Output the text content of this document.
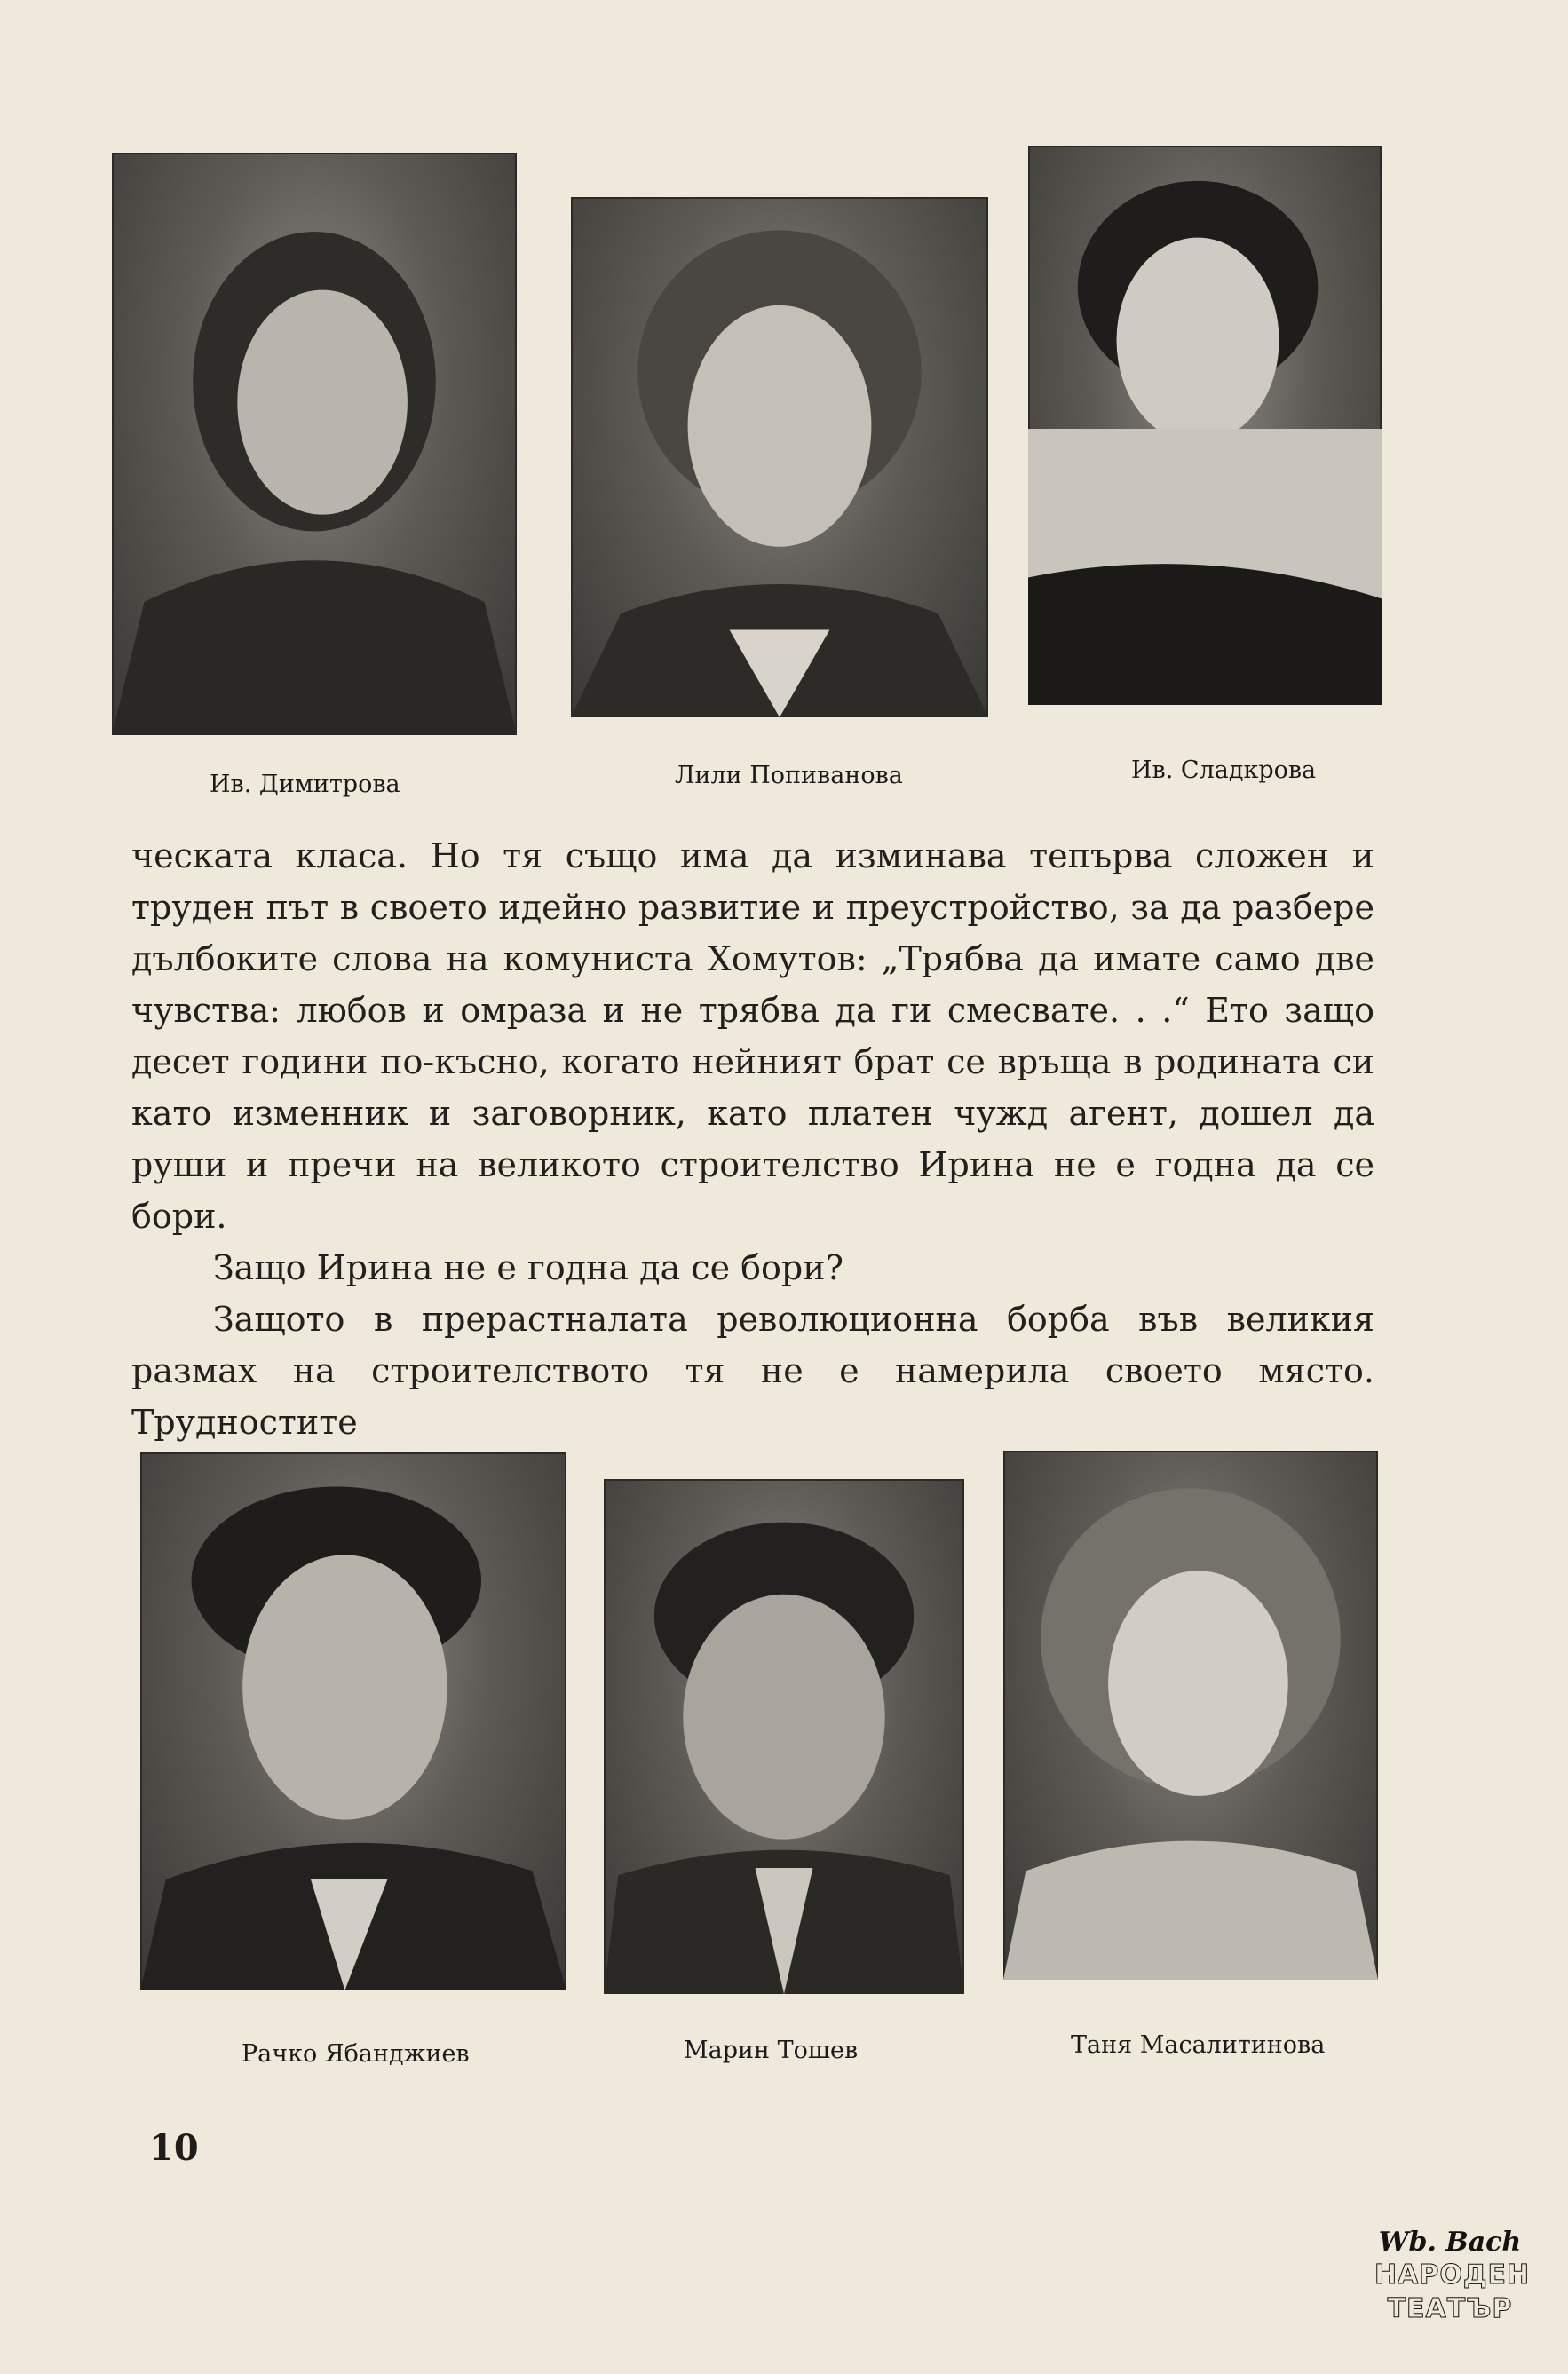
Ив. Димитрова	Лили Попиванова	Ив. Сладкрова

ческата класа. Но тя също има да изминава тепърва сложен и труден път в своето идейно развитие и преустройство, за да разбере дълбоките слова на комуниста Хомутов: „Трябва да имате само две чувства: любов и омраза и не трябва да ги смесвате. . .“ Ето защо десет години по-късно, когато нейният брат се връща в родината си като изменник и заговорник, като платен чужд агент, дошел да руши и пречи на великото строителство Ирина не е годна да се бори.

Защо Ирина не е годна да се бори?

Защото в прерастналата революционна борба във великия размах на строителството тя не е намерила своето място. Трудностите

Рачко Ябанджиев	Марин Тошев	Таня Масалитинова
10
Wb. Bach
НАРОДЕН
ТЕАТЪР
